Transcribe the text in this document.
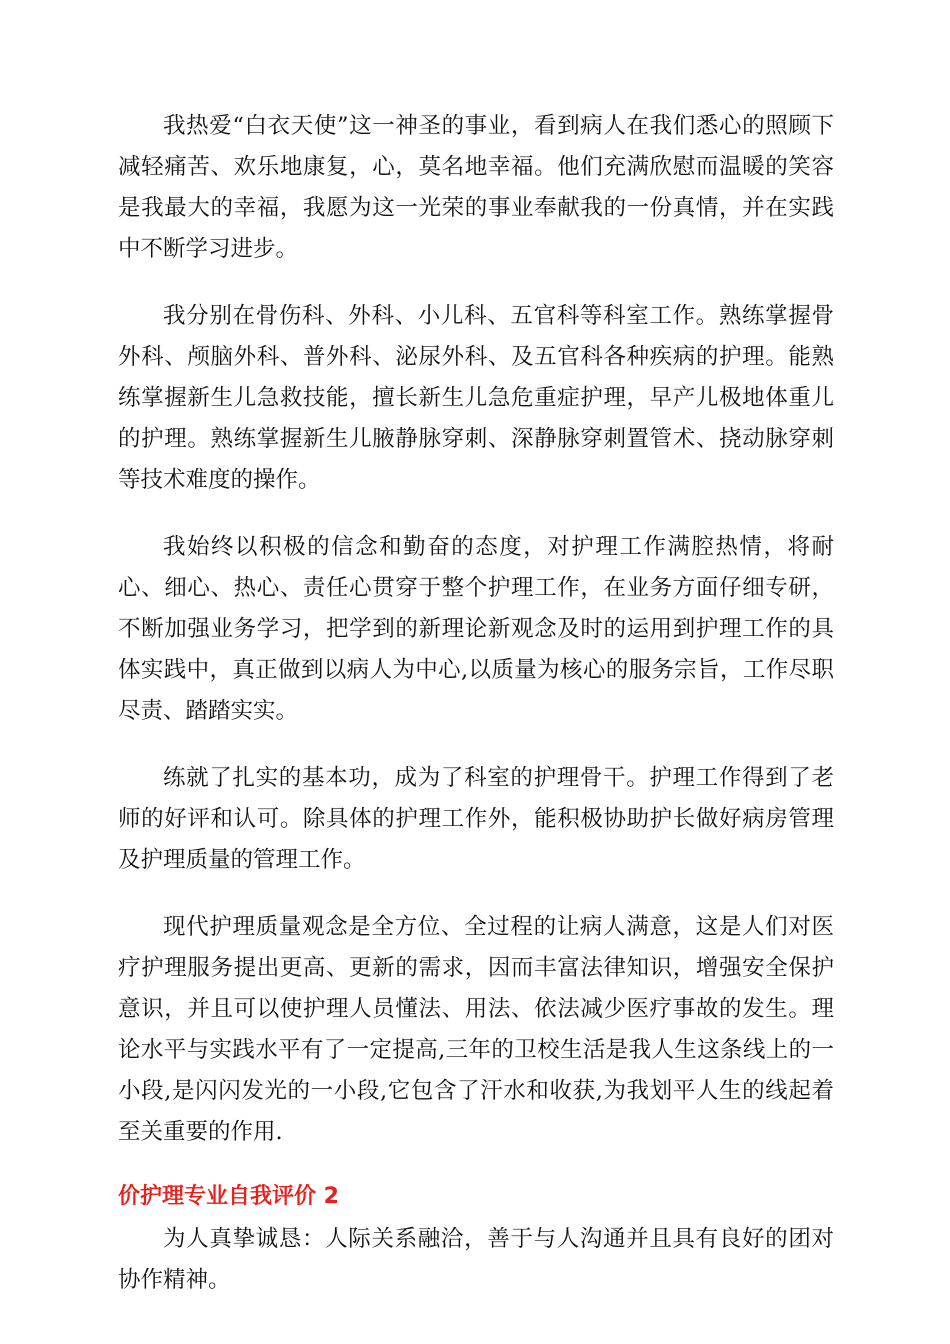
我热爱“白衣天使”这一神圣的事业，看到病人在我们悉心的照顾下减轻痛苦、欢乐地康复，心，莫名地幸福。他们充满欣慰而温暖的笑容是我最大的幸福，我愿为这一光荣的事业奉献我的一份真情，并在实践中不断学习进步。

我分别在骨伤科、外科、小儿科、五官科等科室工作。熟练掌握骨外科、颅脑外科、普外科、泌尿外科、及五官科各种疾病的护理。能熟练掌握新生儿急救技能，擅长新生儿急危重症护理，早产儿极地体重儿的护理。熟练掌握新生儿腋静脉穿刺、深静脉穿刺置管术、挠动脉穿刺等技术难度的操作。

我始终以积极的信念和勤奋的态度，对护理工作满腔热情，将耐心、细心、热心、责任心贯穿于整个护理工作，在业务方面仔细专研，不断加强业务学习，把学到的新理论新观念及时的运用到护理工作的具体实践中，真正做到以病人为中心,以质量为核心的服务宗旨，工作尽职尽责、踏踏实实。

练就了扎实的基本功，成为了科室的护理骨干。护理工作得到了老师的好评和认可。除具体的护理工作外，能积极协助护长做好病房管理及护理质量的管理工作。

现代护理质量观念是全方位、全过程的让病人满意，这是人们对医疗护理服务提出更高、更新的需求，因而丰富法律知识，增强安全保护意识，并且可以使护理人员懂法、用法、依法减少医疗事故的发生。理论水平与实践水平有了一定提高,三年的卫校生活是我人生这条线上的一小段,是闪闪发光的一小段,它包含了汗水和收获,为我划平人生的线起着至关重要的作用.

价护理专业自我评价 2

为人真挚诚恳：人际关系融洽，善于与人沟通并且具有良好的团对协作精神。
